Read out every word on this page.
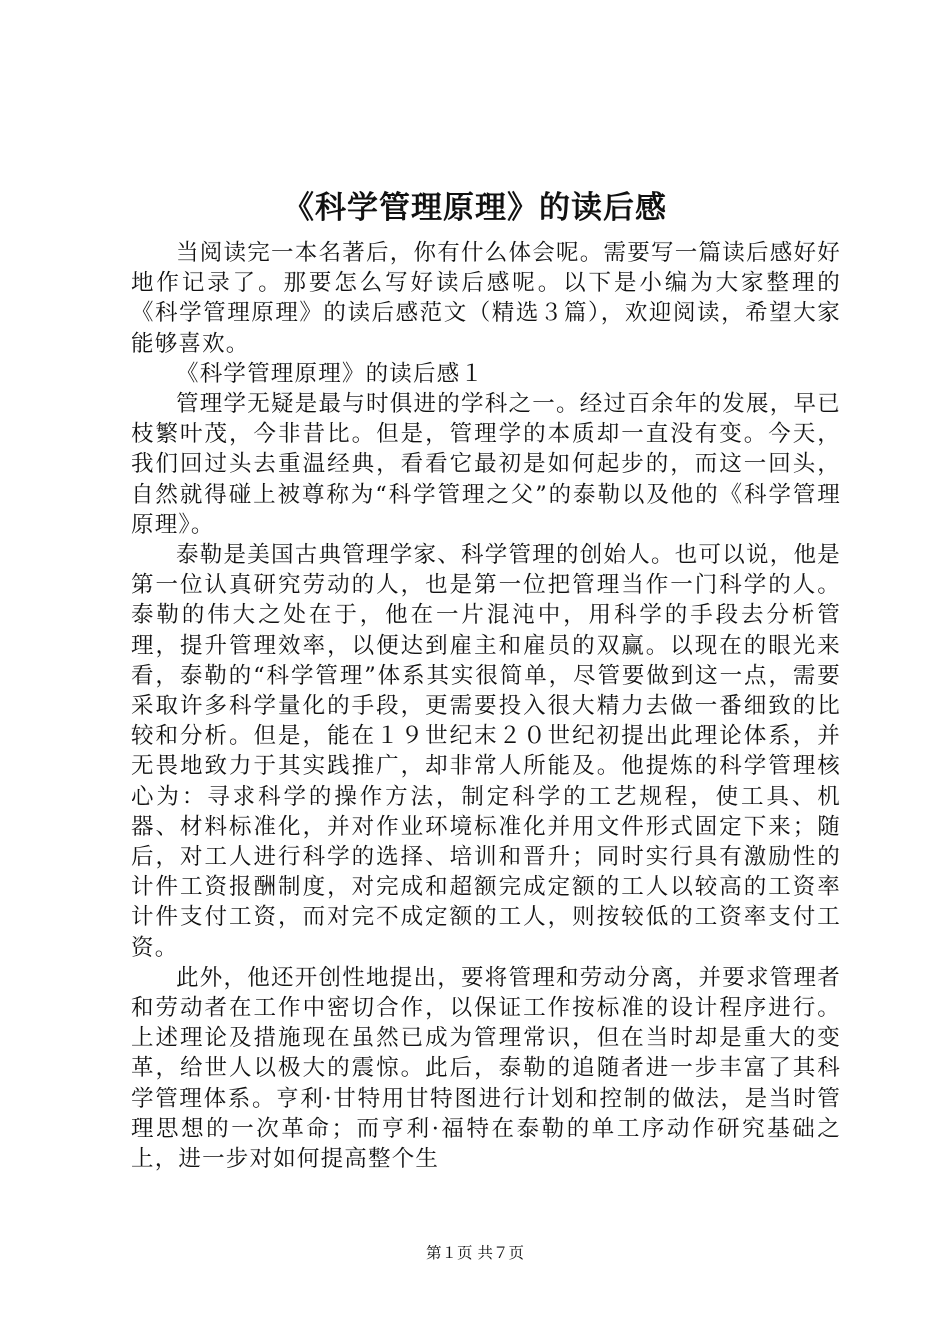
《科学管理原理》的读后感

当阅读完一本名著后，你有什么体会呢。需要写一篇读后感好好地作记录了。那要怎么写好读后感呢。以下是小编为大家整理的《科学管理原理》的读后感范文（精选３篇），欢迎阅读，希望大家能够喜欢。

《科学管理原理》的读后感１

管理学无疑是最与时俱进的学科之一。经过百余年的发展，早已枝繁叶茂，今非昔比。但是，管理学的本质却一直没有变。今天，我们回过头去重温经典，看看它最初是如何起步的，而这一回头，自然就得碰上被尊称为“科学管理之父”的泰勒以及他的《科学管理原理》。

泰勒是美国古典管理学家、科学管理的创始人。也可以说，他是第一位认真研究劳动的人，也是第一位把管理当作一门科学的人。泰勒的伟大之处在于，他在一片混沌中，用科学的手段去分析管理，提升管理效率，以便达到雇主和雇员的双赢。以现在的眼光来看，泰勒的“科学管理”体系其实很简单，尽管要做到这一点，需要采取许多科学量化的手段，更需要投入很大精力去做一番细致的比较和分析。但是，能在１９世纪末２０世纪初提出此理论体系，并无畏地致力于其实践推广，却非常人所能及。他提炼的科学管理核心为：寻求科学的操作方法，制定科学的工艺规程，使工具、机器、材料标准化，并对作业环境标准化并用文件形式固定下来；随后，对工人进行科学的选择、培训和晋升；同时实行具有激励性的计件工资报酬制度，对完成和超额完成定额的工人以较高的工资率计件支付工资，而对完不成定额的工人，则按较低的工资率支付工资。

此外，他还开创性地提出，要将管理和劳动分离，并要求管理者和劳动者在工作中密切合作，以保证工作按标准的设计程序进行。上述理论及措施现在虽然已成为管理常识，但在当时却是重大的变革，给世人以极大的震惊。此后，泰勒的追随者进一步丰富了其科学管理体系。亨利·甘特用甘特图进行计划和控制的做法，是当时管理思想的一次革命；而亨利·福特在泰勒的单工序动作研究基础之上，进一步对如何提高整个生

第１页 共７页
